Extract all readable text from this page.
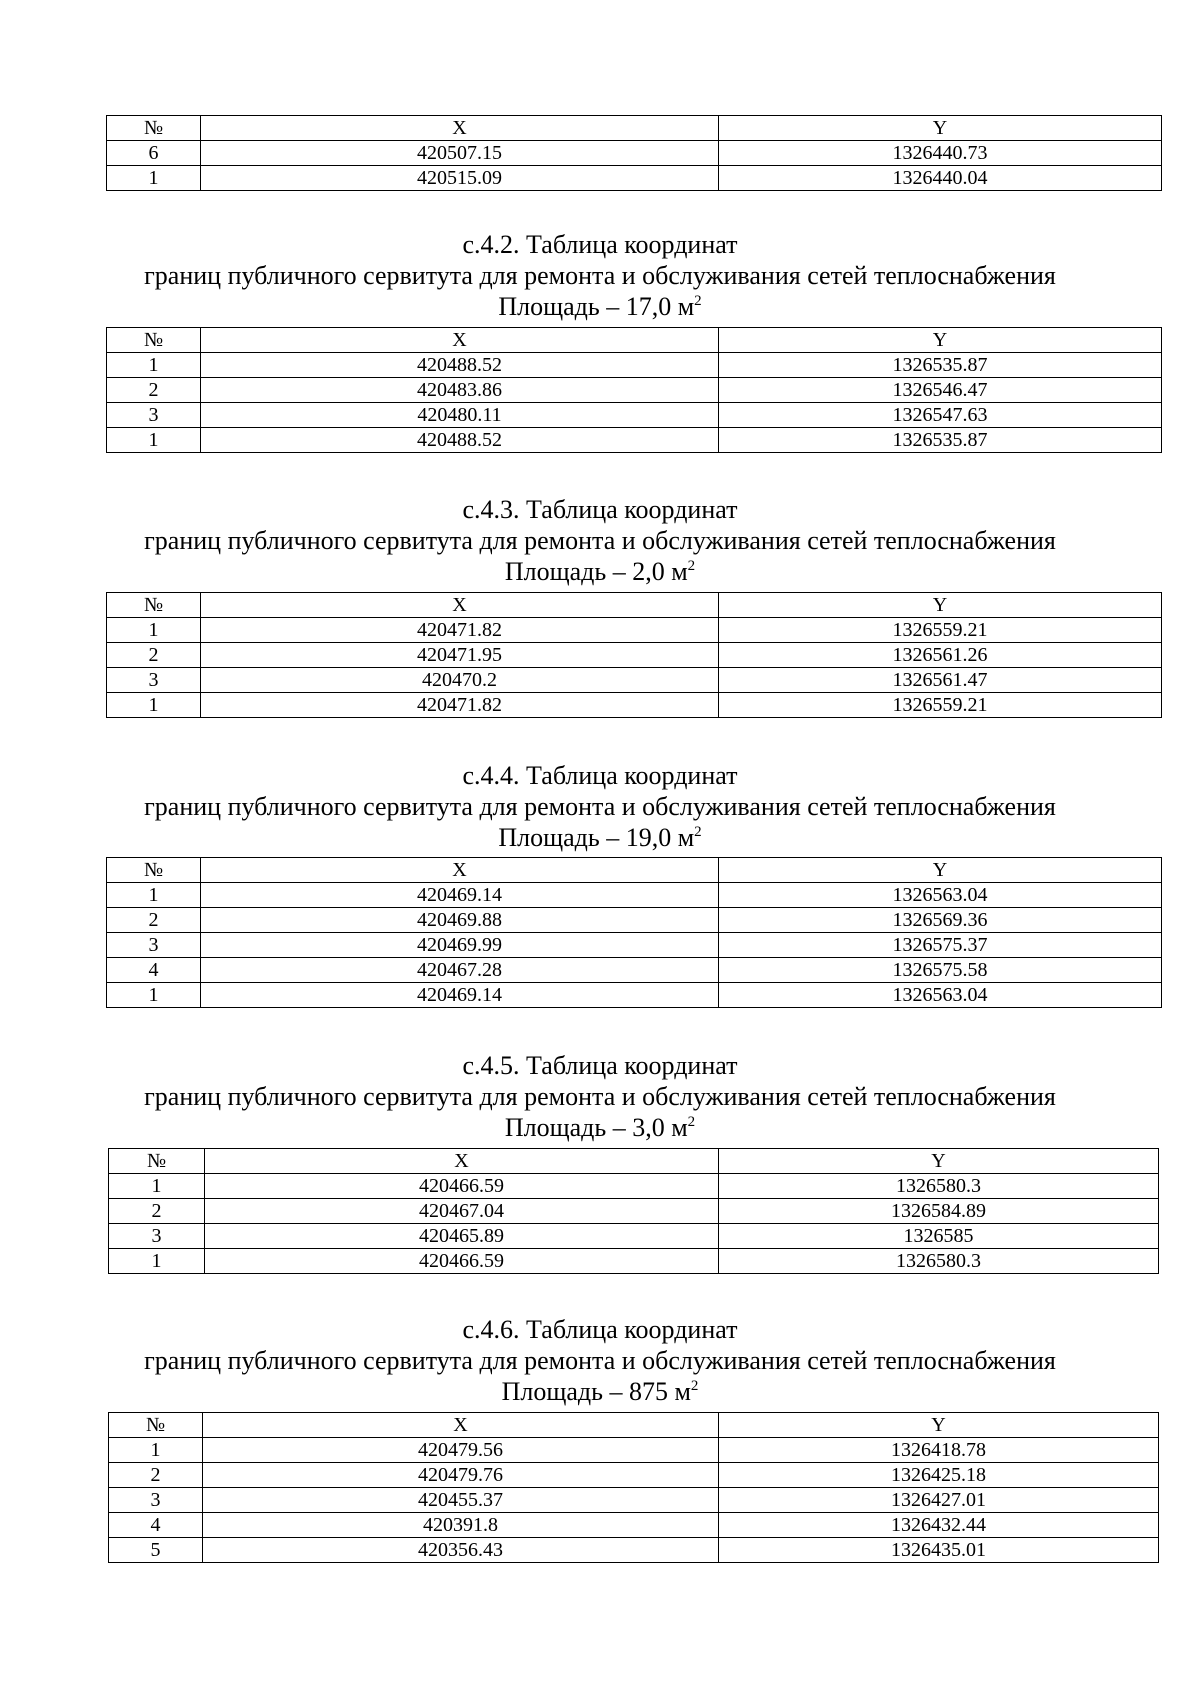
№	X	Y
6	420507.15	1326440.73
1	420515.09	1326440.04
с.4.2. Таблица координат
границ публичного сервитута для ремонта и обслуживания сетей теплоснабжения
Площадь – 17,0 $м^2$
№	X	Y
1	420488.52	1326535.87
2	420483.86	1326546.47
3	420480.11	1326547.63
1	420488.52	1326535.87
с.4.3. Таблица координат
границ публичного сервитута для ремонта и обслуживания сетей теплоснабжения
Площадь – 2,0 $м^2$
№	X	Y
1	420471.82	1326559.21
2	420471.95	1326561.26
3	420470.2	1326561.47
1	420471.82	1326559.21
с.4.4. Таблица координат
границ публичного сервитута для ремонта и обслуживания сетей теплоснабжения
Площадь – 19,0 $м^2$
№	X	Y
1	420469.14	1326563.04
2	420469.88	1326569.36
3	420469.99	1326575.37
4	420467.28	1326575.58
1	420469.14	1326563.04
с.4.5. Таблица координат
границ публичного сервитута для ремонта и обслуживания сетей теплоснабжения
Площадь – 3,0 $м^2$
№	X	Y
1	420466.59	1326580.3
2	420467.04	1326584.89
3	420465.89	1326585
1	420466.59	1326580.3
с.4.6. Таблица координат
границ публичного сервитута для ремонта и обслуживания сетей теплоснабжения
Площадь – 875 $м^2$
№	X	Y
1	420479.56	1326418.78
2	420479.76	1326425.18
3	420455.37	1326427.01
4	420391.8	1326432.44
5	420356.43	1326435.01
